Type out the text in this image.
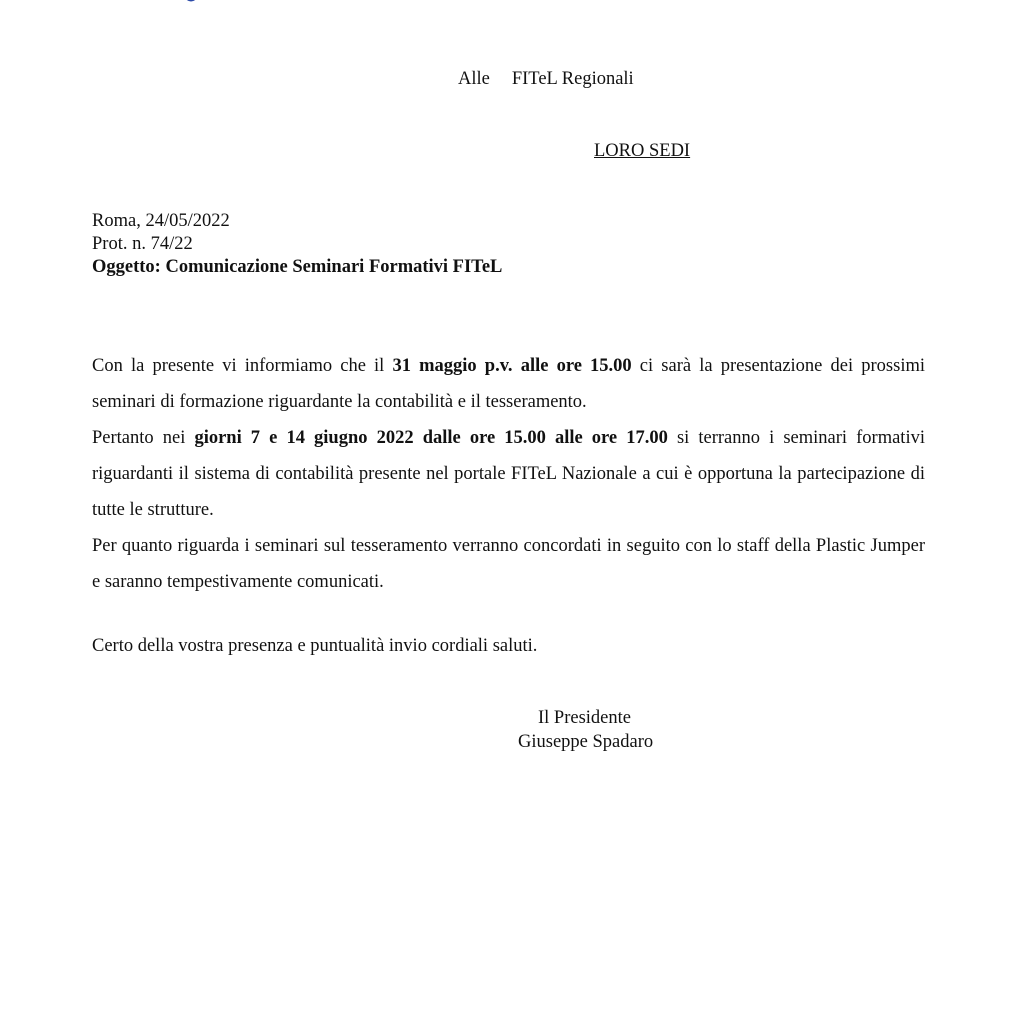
Alle FITeL Regionali
LORO SEDI
Roma, 24/05/2022
Prot. n. 74/22
Oggetto: Comunicazione Seminari Formativi FITeL

Con la presente vi informiamo che il 31 maggio p.v. alle ore 15.00 ci sarà la presentazione dei prossimi seminari di formazione riguardante la contabilità e il tesseramento.

Pertanto nei giorni 7 e 14 giugno 2022 dalle ore 15.00 alle ore 17.00 si terranno i seminari formativi riguardanti il sistema di contabilità presente nel portale FITeL Nazionale a cui è opportuna la partecipazione di tutte le strutture.

Per quanto riguarda i seminari sul tesseramento verranno concordati in seguito con lo staff della Plastic Jumper e saranno tempestivamente comunicati.

Certo della vostra presenza e puntualità invio cordiali saluti.
Il Presidente
Giuseppe Spadaro
